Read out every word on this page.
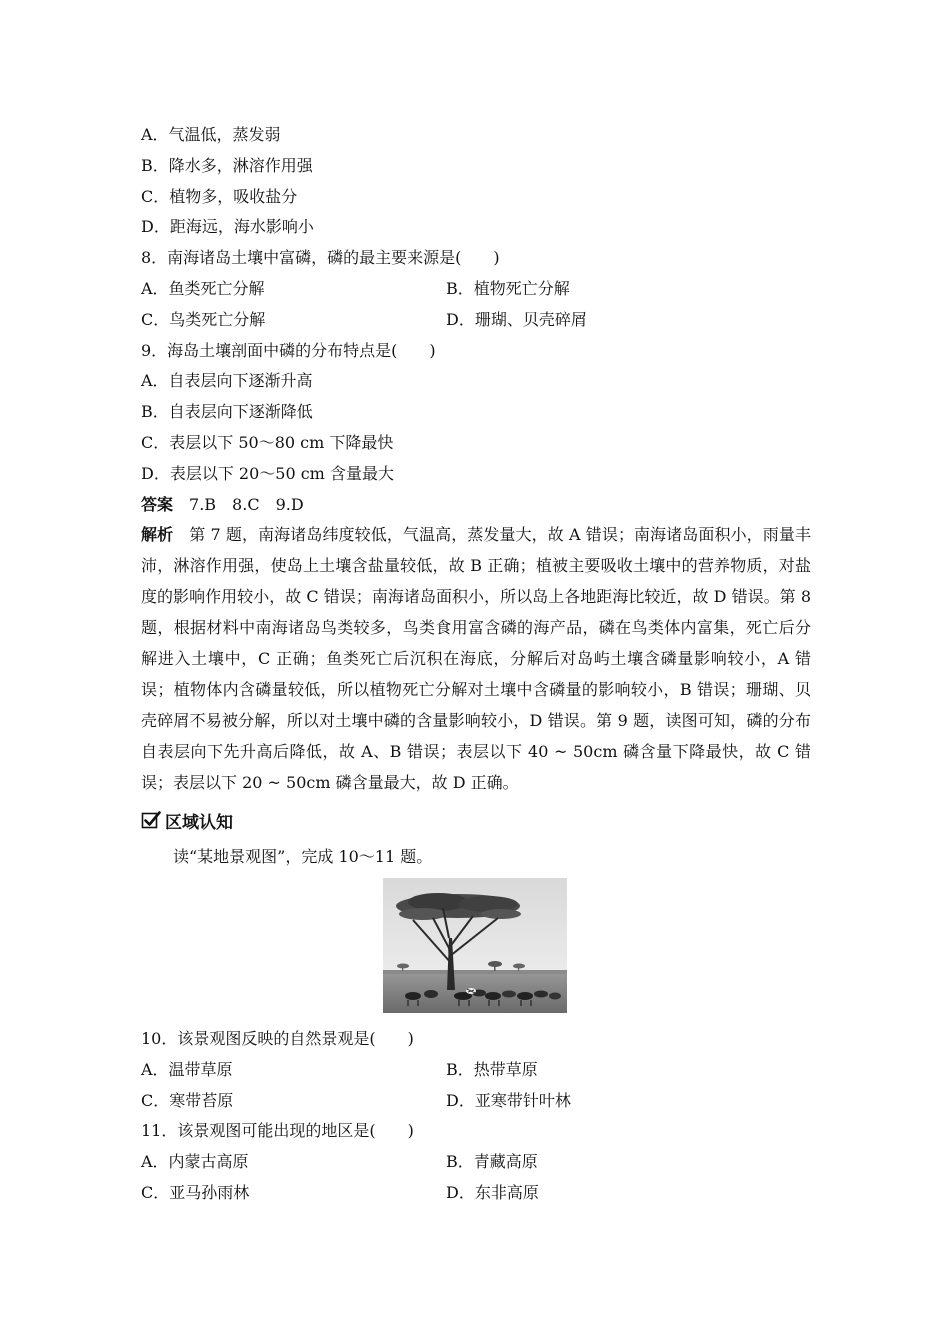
A．气温低，蒸发弱
B．降水多，淋溶作用强
C．植物多，吸收盐分
D．距海远，海水影响小
8．南海诸岛土壤中富磷，磷的最主要来源是(　　)
A．鱼类死亡分解	B．植物死亡分解
C．鸟类死亡分解	D．珊瑚、贝壳碎屑
9．海岛土壤剖面中磷的分布特点是(　　)
A．自表层向下逐渐升高
B．自表层向下逐渐降低
C．表层以下 50～80 cm 下降最快
D．表层以下 20～50 cm 含量最大
答案　 7.B　8.C　9.D
解析　 第 7 题，南海诸岛纬度较低，气温高，蒸发量大，故 A 错误；南海诸岛面积小，雨量丰沛，淋溶作用强，使岛上土壤含盐量较低，故 B 正确；植被主要吸收土壤中的营养物质，对盐度的影响作用较小，故 C 错误；南海诸岛面积小，所以岛上各地距海比较近，故 D 错误。第 8 题，根据材料中南海诸岛鸟类较多，鸟类食用富含磷的海产品，磷在鸟类体内富集，死亡后分解进入土壤中，C 正确；鱼类死亡后沉积在海底，分解后对岛屿土壤含磷量影响较小，A 错误；植物体内含磷量较低，所以植物死亡分解对土壤中含磷量的影响较小，B 错误；珊瑚、贝壳碎屑不易被分解，所以对土壤中磷的含量影响较小，D 错误。第 9 题，读图可知，磷的分布自表层向下先升高后降低，故 A、B 错误；表层以下 40 ~ 50cm 磷含量下降最快，故 C 错误；表层以下 20 ~ 50cm 磷含量最大，故 D 正确。
区域认知
读“某地景观图”，完成 10～11 题。
10．该景观图反映的自然景观是(　　)
A．温带草原	B．热带草原
C．寒带苔原	D．亚寒带针叶林
11．该景观图可能出现的地区是(　　)
A．内蒙古高原	B．青藏高原
C．亚马孙雨林	D．东非高原
